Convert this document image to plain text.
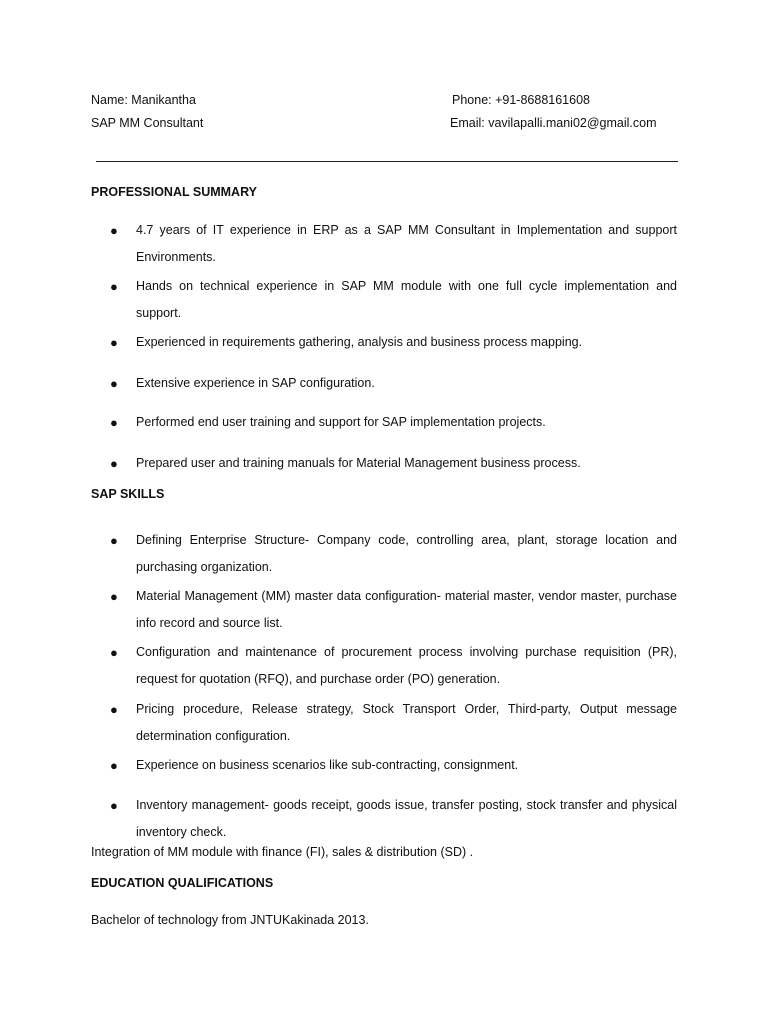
Name: Manikantha
SAP MM Consultant
Phone: +91-8688161608
Email: vavilapalli.mani02@gmail.com
PROFESSIONAL SUMMARY
● 4.7 years of IT experience in ERP as a SAP MM Consultant in Implementation and support Environments.
● Hands on technical experience in SAP MM module with one full cycle implementation and support.
● Experienced in requirements gathering, analysis and business process mapping.
● Extensive experience in SAP configuration.
● Performed end user training and support for SAP implementation projects.
● Prepared user and training manuals for Material Management business process.
SAP SKILLS
● Defining Enterprise Structure- Company code, controlling area, plant, storage location and purchasing organization.
● Material Management (MM) master data configuration- material master, vendor master, purchase info record and source list.
● Configuration and maintenance of procurement process involving purchase requisition (PR), request for quotation (RFQ), and purchase order (PO) generation.
● Pricing procedure, Release strategy, Stock Transport Order, Third-party, Output message determination configuration.
● Experience on business scenarios like sub-contracting, consignment.
● Inventory management- goods receipt, goods issue, transfer posting, stock transfer and physical inventory check.
Integration of MM module with finance (FI), sales & distribution (SD) .
EDUCATION QUALIFICATIONS
Bachelor of technology from JNTUKakinada 2013.
